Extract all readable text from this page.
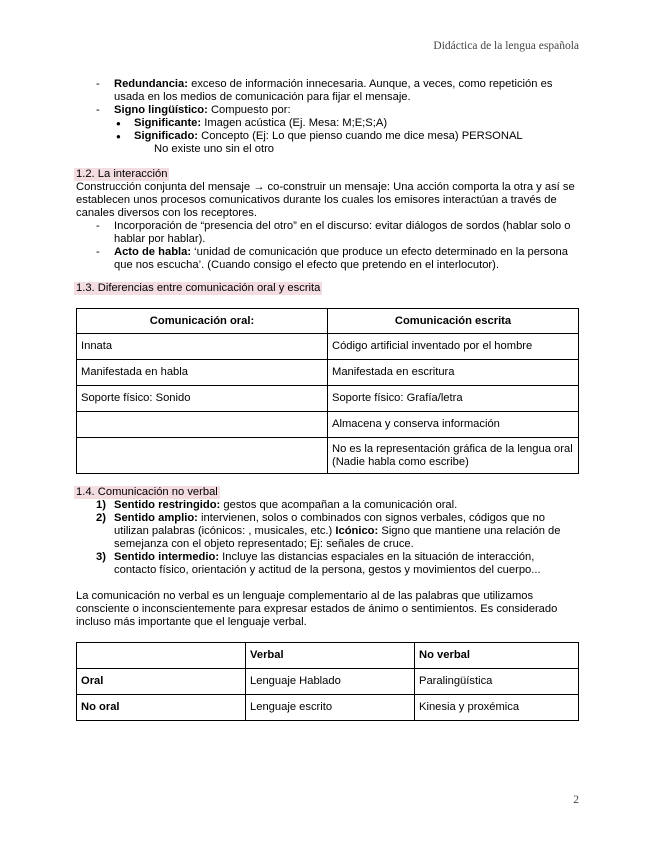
Didáctica de la lengua española
- Redundancia: exceso de información innecesaria. Aunque, a veces, como repetición es usada en los medios de comunicación para fijar el mensaje.
- Signo lingüístico: Compuesto por:
● Significante: Imagen acústica (Ej. Mesa: M;E;S;A)
● Significado: Concepto (Ej: Lo que pienso cuando me dice mesa) PERSONAL

No existe uno sin el otro

1.2. La interacción

Construcción conjunta del mensaje → co-construir un mensaje: Una acción comporta la otra y así se establecen unos procesos comunicativos durante los cuales los emisores interactúan a través de canales diversos con los receptores.

- Incorporación de “presencia del otro” en el discurso: evitar diálogos de sordos (hablar solo o hablar por hablar).
- Acto de habla: ‘unidad de comunicación que produce un efecto determinado en la persona que nos escucha’. (Cuando consigo el efecto que pretendo en el interlocutor).
1.3. Diferencias entre comunicación oral y escrita
Comunicación oral:	Comunicación escrita
Innata	Código artificial inventado por el hombre
Manifestada en habla	Manifestada en escritura
Soporte físico: Sonido	Soporte físico: Grafía/letra
	Almacena y conserva información
	No es la representación gráfica de la lengua oral (Nadie habla como escribe)
1.4. Comunicación no verbal
1) Sentido restringido: gestos que acompañan a la comunicación oral.
2) Sentido amplio: intervienen, solos o combinados con signos verbales, códigos que no utilizan palabras (icónicos: , musicales, etc.) Icónico: Signo que mantiene una relación de semejanza con el objeto representado; Ej: señales de cruce.
3) Sentido intermedio: Incluye las distancias espaciales en la situación de interacción, contacto físico, orientación y actitud de la persona, gestos y movimientos del cuerpo...

La comunicación no verbal es un lenguaje complementario al de las palabras que utilizamos consciente o inconscientemente para expresar estados de ánimo o sentimientos. Es considerado incluso más importante que el lenguaje verbal.

	Verbal	No verbal
Oral	Lenguaje Hablado	Paralingüística
No oral	Lenguaje escrito	Kinesia y proxémica
2
